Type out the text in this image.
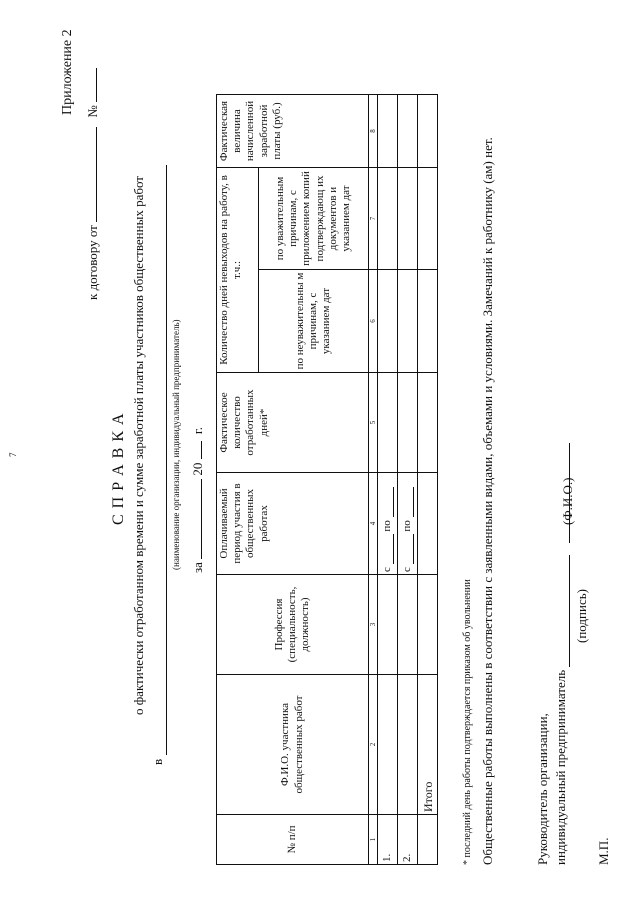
7
Приложение 2
к договору от  №
С П Р А В К А о фактически отработанном времени и сумме заработной платы участников общественных работ
в
(наименование организации, индивидуальный предприниматель) за  20  г.
№ п/п	Ф.И.О. участника общественных работ	Профессия (специальность, должность)	Оплачиваемый период участия в общественных работах	Фактическое количество отработанных дней*	Количество дней невыходов на работу, в т.ч.:		Фактическая величина начисленной заработной платы (руб.)
					по неуважительны м причинам, с указанием дат	по уважительным причинам, с приложением копий подтверждающ их документов и указанием дат	
1	2	3	4	5	6	7	8
1.			с  по				
2.			с  по				
	Итого							* последний день работы подтверждается приказом об увольнении Общественные работы выполнены в соответствии с заявленными видами, объемами и условиями. Замечаний к работнику (ам) нет.	Руководитель организации, индивидуальный предприниматель
(подпись)
(Ф.И.О.)
М.П.
